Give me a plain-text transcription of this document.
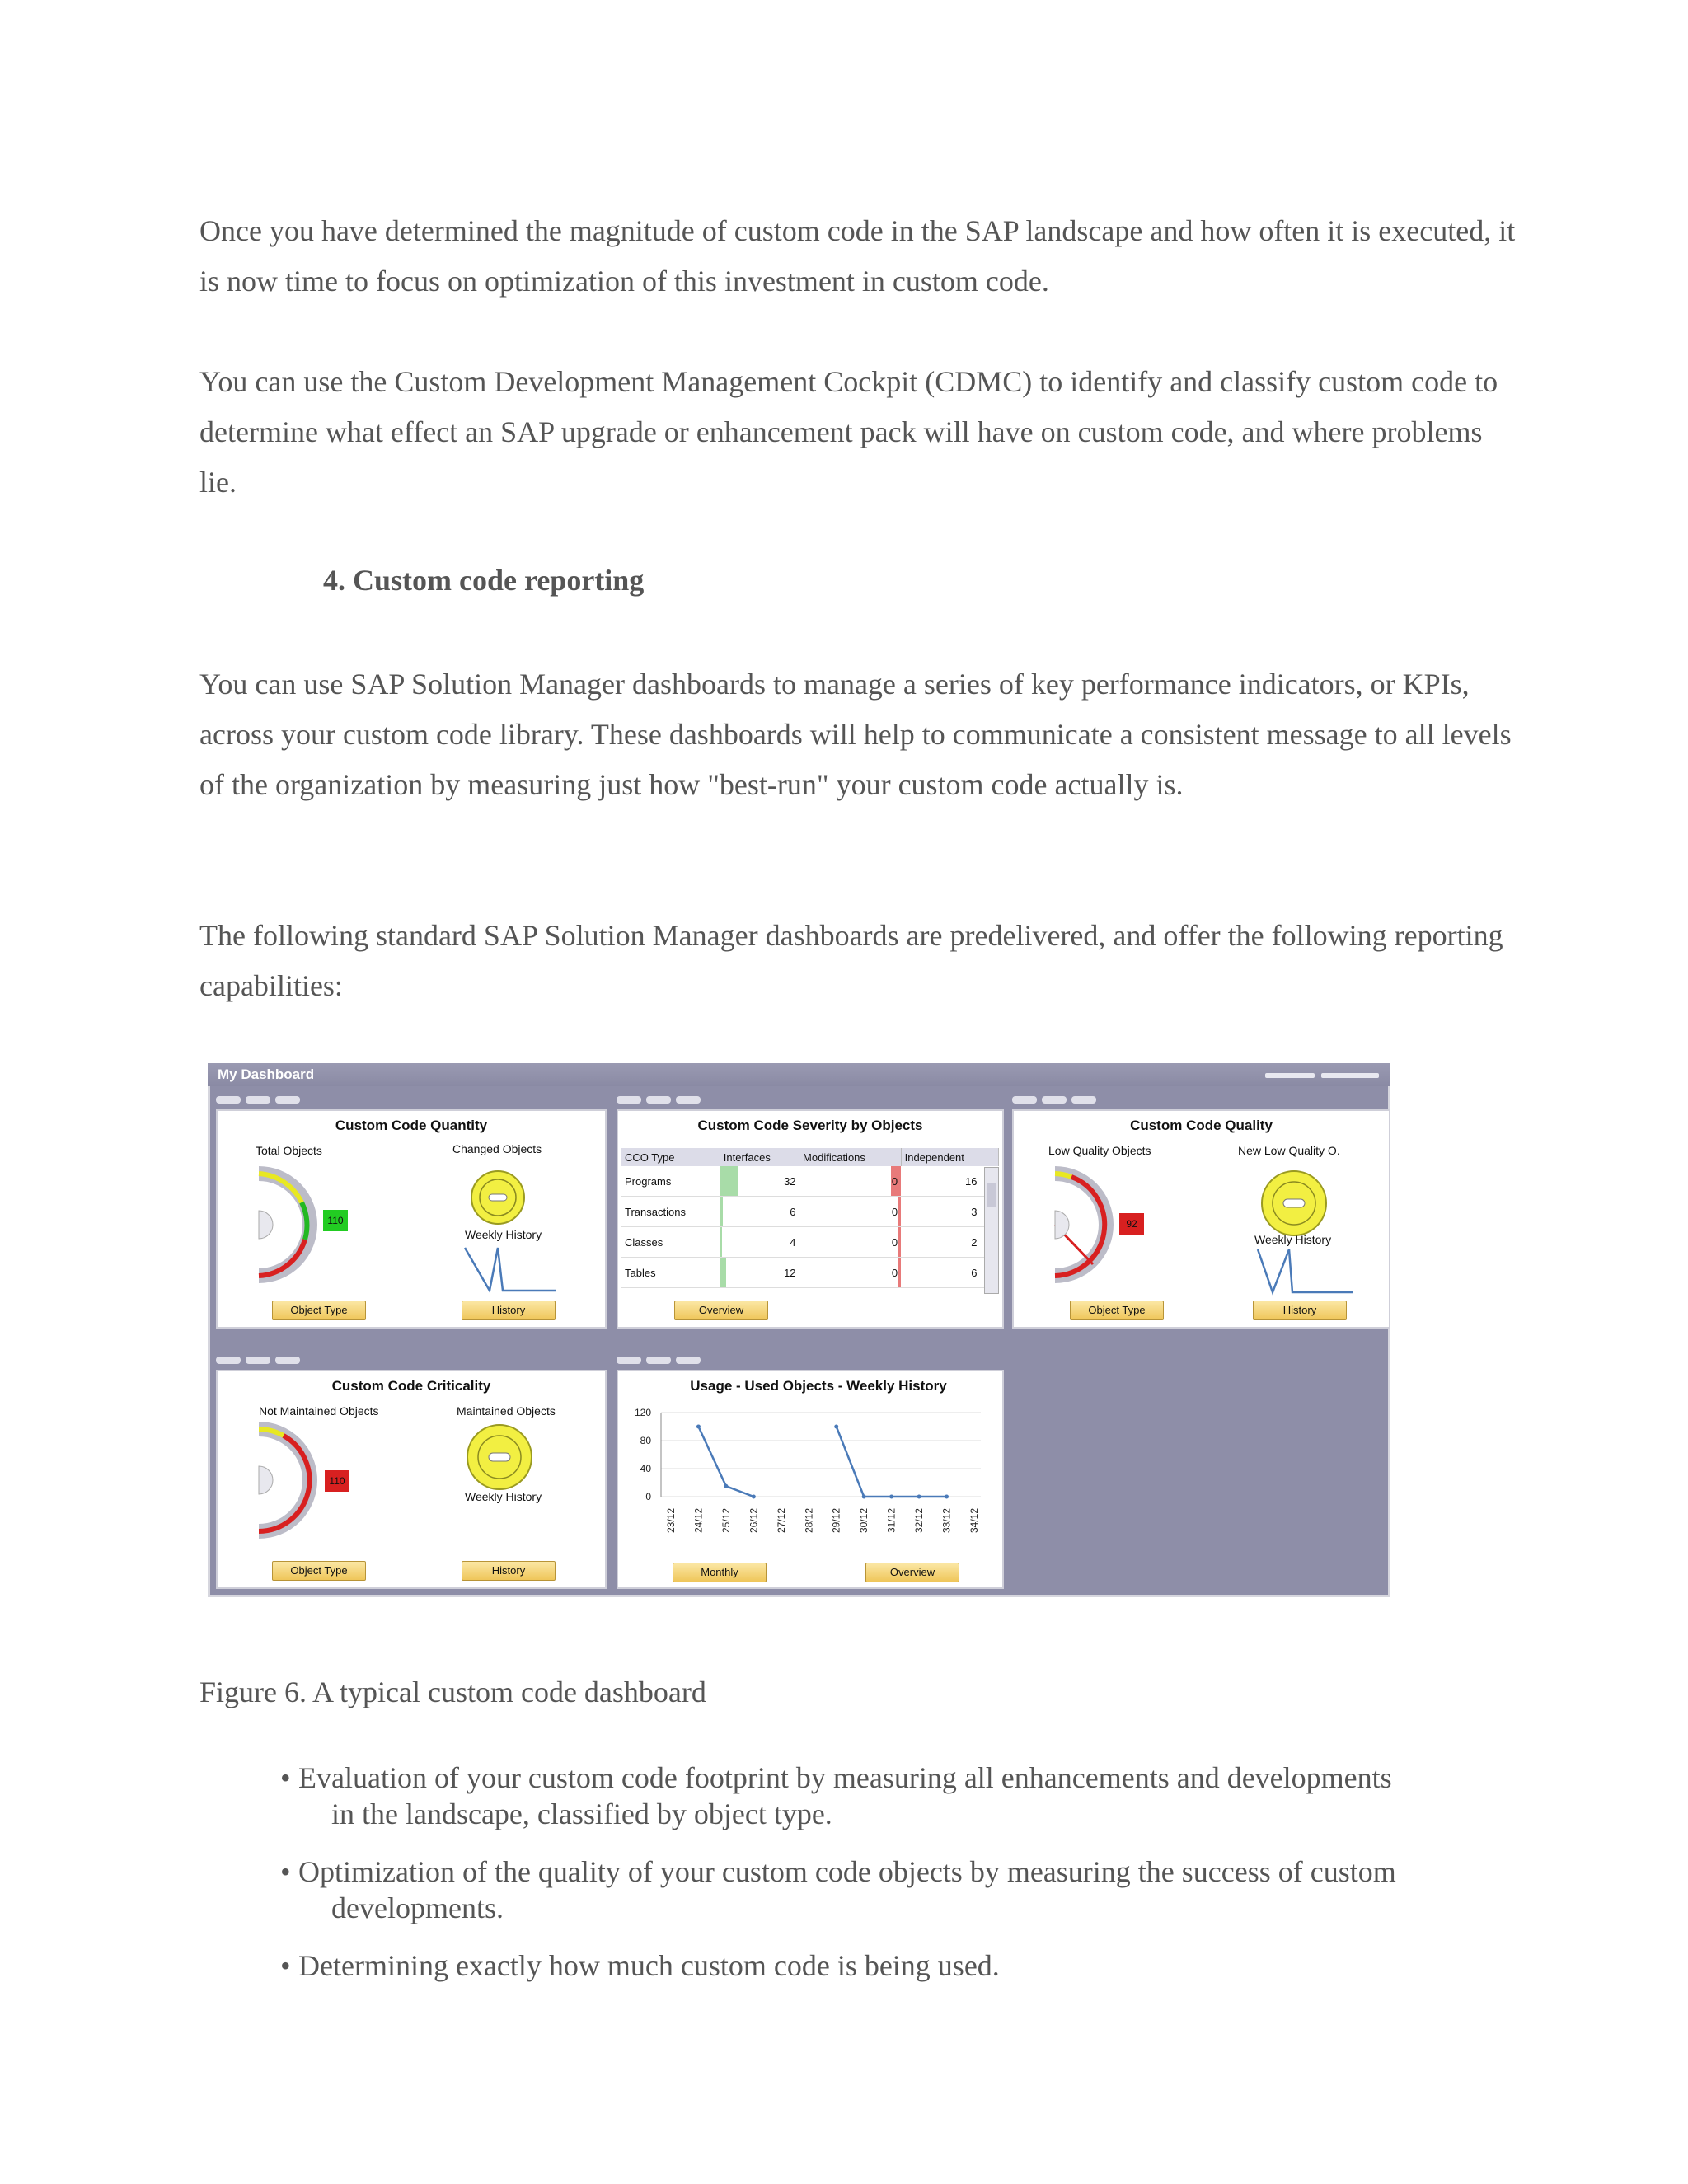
Once you have determined the magnitude of custom code in the SAP landscape and how often it is executed, it is now time to focus on optimization of this investment in custom code.

You can use the Custom Development Management Cockpit (CDMC) to identify and classify custom code to determine what effect an SAP upgrade or enhancement pack will have on custom code, and where problems lie.

4. Custom code reporting

You can use SAP Solution Manager dashboards to manage a series of key performance indicators, or KPIs, across your custom code library. These dashboards will help to communicate a consistent message to all levels of the organization by measuring just how "best-run" your custom code actually is.

The following standard SAP Solution Manager dashboards are predelivered, and offer the following reporting capabilities:

My Dashboard
Custom Code Quantity
Total Objects	Changed Objects
110
Weekly History
Object Type	History
Custom Code Severity by Objects
CCO Type	Interfaces	Modifications	Independent
Programs	32	0	16
Transactions	6	0	3
Classes	4	0	2
Tables	12	0	6
Overview
Custom Code Quality
Low Quality Objects	New Low Quality O.
92
Weekly History
Object Type	History
Custom Code Criticality
Not Maintained Objects	Maintained Objects
110
Weekly History
Object Type	History
Usage - Used Objects - Weekly History
0
40
80
120
23/12 24/12 25/12 26/12 27/12 28/12 29/12 30/12 31/12 32/12 33/12 34/12
Monthly	Overview

Figure 6. A typical custom code dashboard

• Evaluation of your custom code footprint by measuring all enhancements and developments
in the landscape, classified by object type.
• Optimization of the quality of your custom code objects by measuring the success of custom
developments.
• Determining exactly how much custom code is being used.
